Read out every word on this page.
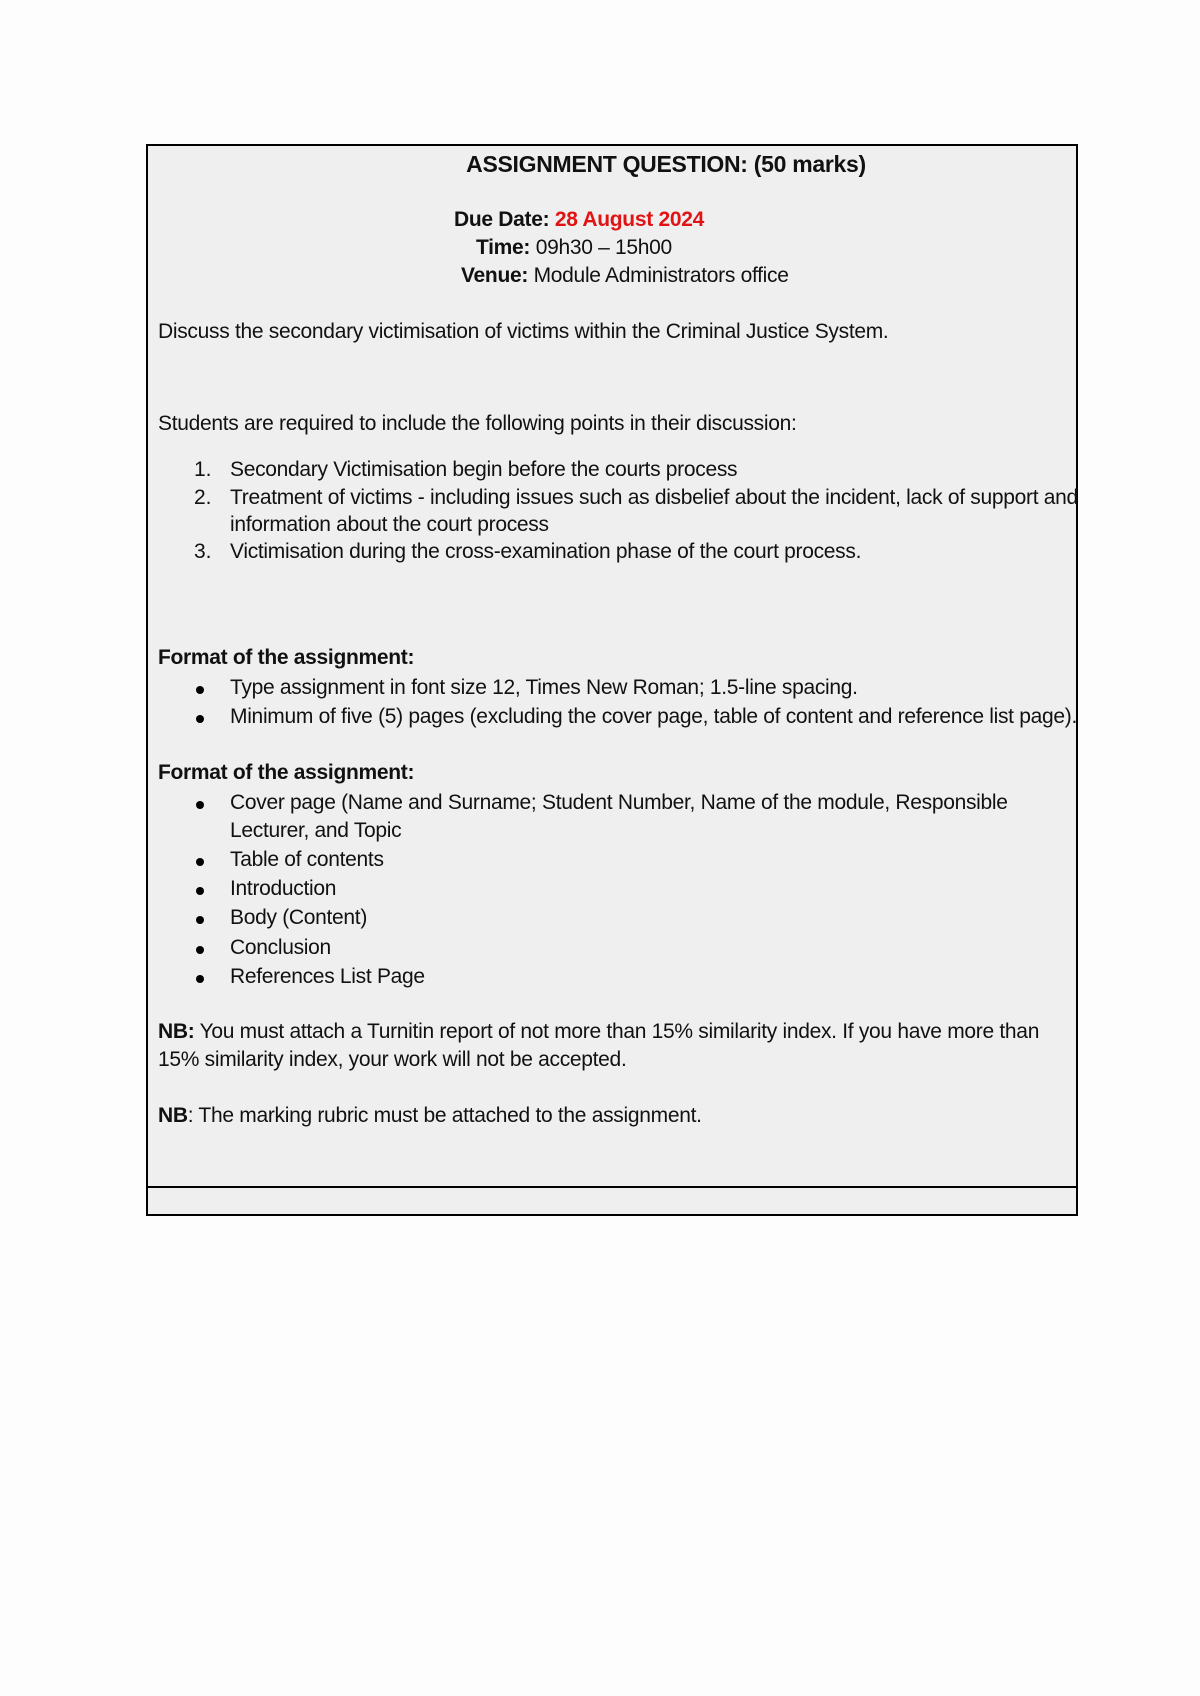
ASSIGNMENT QUESTION: (50 marks)
Due Date: 28 August 2024
Time: 09h30 – 15h00
Venue: Module Administrators office
Discuss the secondary victimisation of victims within the Criminal Justice System.
Students are required to include the following points in their discussion:
1. Secondary Victimisation begin before the courts process
2. Treatment of victims - including issues such as disbelief about the incident, lack of support and
information about the court process
3. Victimisation during the cross-examination phase of the court process.
Format of the assignment:
Type assignment in font size 12, Times New Roman; 1.5-line spacing.
Minimum of five (5) pages (excluding the cover page, table of content and reference list page).
Format of the assignment:
Cover page (Name and Surname; Student Number, Name of the module, Responsible
Lecturer, and Topic
Table of contents
Introduction
Body (Content)
Conclusion
References List Page
NB: You must attach a Turnitin report of not more than 15% similarity index. If you have more than
15% similarity index, your work will not be accepted.
NB: The marking rubric must be attached to the assignment.
